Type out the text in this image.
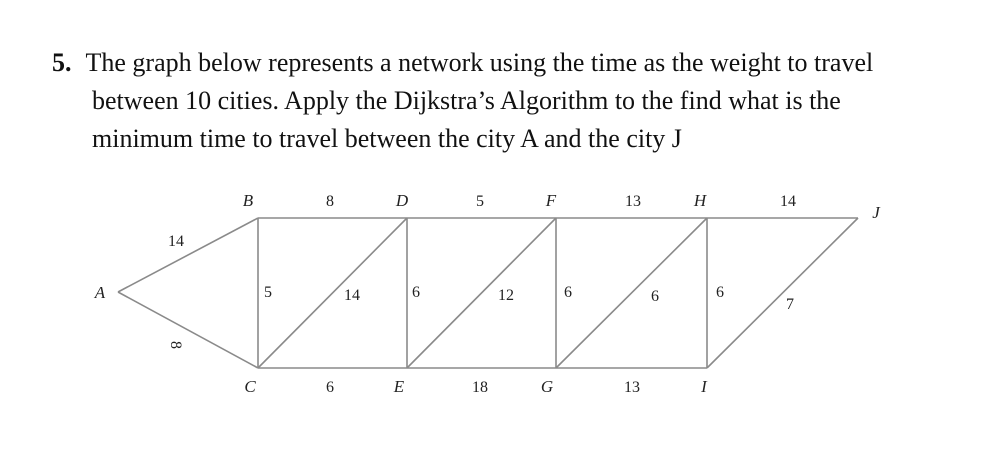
5. The graph below represents a network using the time as the weight to travel
between 10 cities. Apply the Dijkstra’s Algorithm to the find what is the
minimum time to travel between the city A and the city J
14
8
8
5	14
6
5
6	12
18
13
6	6
13
6
14
7
A
B
C
D
E
F
G
H
I
J
